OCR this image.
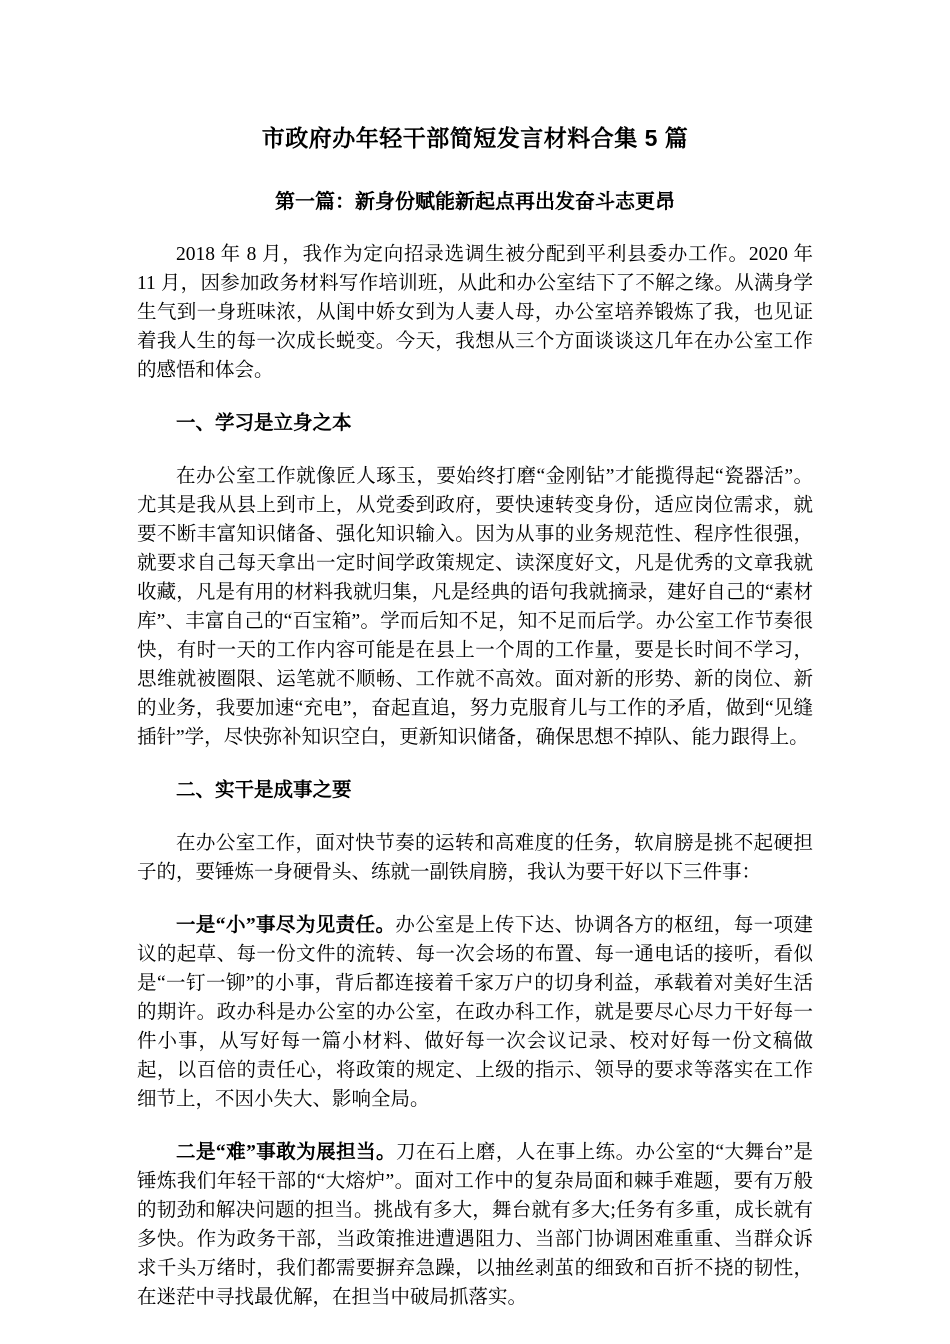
市政府办年轻干部简短发言材料合集 5 篇
第一篇：新身份赋能新起点再出发奋斗志更昂

2018 年 8 月，我作为定向招录选调生被分配到平利县委办工作。2020 年 11 月，因参加政务材料写作培训班，从此和办公室结下了不解之缘。从满身学生气到一身班味浓，从闺中娇女到为人妻人母，办公室培养锻炼了我，也见证着我人生的每一次成长蜕变。今天，我想从三个方面谈谈这几年在办公室工作的感悟和体会。

一、学习是立身之本

在办公室工作就像匠人琢玉，要始终打磨“金刚钻”才能揽得起“瓷器活”。尤其是我从县上到市上，从党委到政府，要快速转变身份，适应岗位需求，就要不断丰富知识储备、强化知识输入。因为从事的业务规范性、程序性很强，就要求自己每天拿出一定时间学政策规定、读深度好文，凡是优秀的文章我就收藏，凡是有用的材料我就归集，凡是经典的语句我就摘录，建好自己的“素材库”、丰富自己的“百宝箱”。学而后知不足，知不足而后学。办公室工作节奏很快，有时一天的工作内容可能是在县上一个周的工作量，要是长时间不学习，思维就被圈限、运笔就不顺畅、工作就不高效。面对新的形势、新的岗位、新的业务，我要加速“充电”，奋起直追，努力克服育儿与工作的矛盾，做到“见缝插针”学，尽快弥补知识空白，更新知识储备，确保思想不掉队、能力跟得上。

二、实干是成事之要

在办公室工作，面对快节奏的运转和高难度的任务，软肩膀是挑不起硬担子的，要锤炼一身硬骨头、练就一副铁肩膀，我认为要干好以下三件事：

一是“小”事尽为见责任。办公室是上传下达、协调各方的枢纽，每一项建议的起草、每一份文件的流转、每一次会场的布置、每一通电话的接听，看似是“一钉一铆”的小事，背后都连接着千家万户的切身利益，承载着对美好生活的期许。政办科是办公室的办公室，在政办科工作，就是要尽心尽力干好每一件小事，从写好每一篇小材料、做好每一次会议记录、校对好每一份文稿做起，以百倍的责任心，将政策的规定、上级的指示、领导的要求等落实在工作细节上，不因小失大、影响全局。

二是“难”事敢为展担当。刀在石上磨，人在事上练。办公室的“大舞台”是锤炼我们年轻干部的“大熔炉”。面对工作中的复杂局面和棘手难题，要有万般的韧劲和解决问题的担当。挑战有多大，舞台就有多大;任务有多重，成长就有多快。作为政务干部，当政策推进遭遇阻力、当部门协调困难重重、当群众诉求千头万绪时，我们都需要摒弃急躁，以抽丝剥茧的细致和百折不挠的韧性，在迷茫中寻找最优解，在担当中破局抓落实。
